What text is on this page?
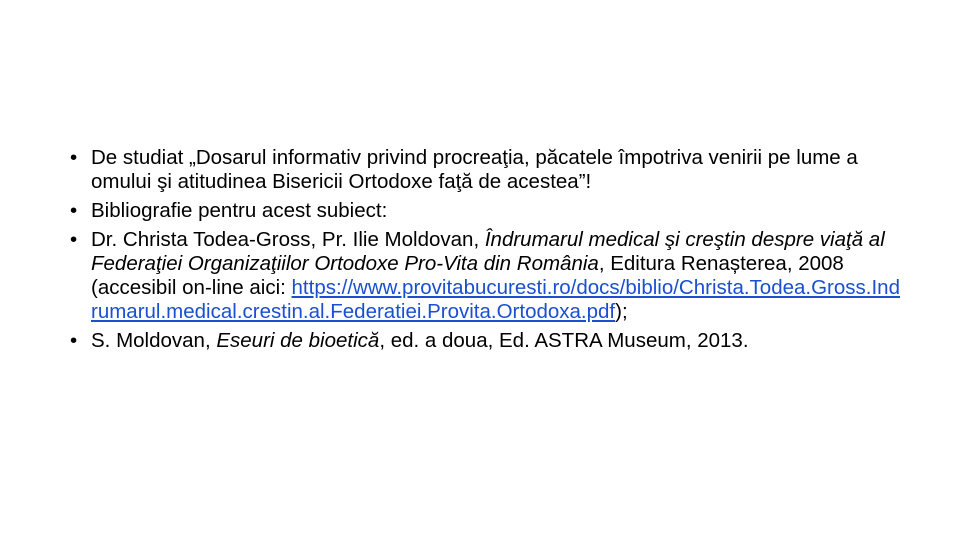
• De studiat „Dosarul informativ privind procreaţia, păcatele împotriva venirii pe lume a omului şi atitudinea Bisericii Ortodoxe faţă de acestea”!
• Bibliografie pentru acest subiect:
• Dr. Christa Todea-Gross, Pr. Ilie Moldovan, Îndrumarul medical şi creştin despre viaţă al Federaţiei Organizaţiilor Ortodoxe Pro-Vita din România, Editura Renașterea, 2008 (accesibil on-line aici: https://www.provitabucuresti.ro/docs/biblio/Christa.Todea.Gross.Indrumarul.medical.crestin.al.Federatiei.Provita.Ortodoxa.pdf);
• S. Moldovan, Eseuri de bioetică, ed. a doua, Ed. ASTRA Museum, 2013.
